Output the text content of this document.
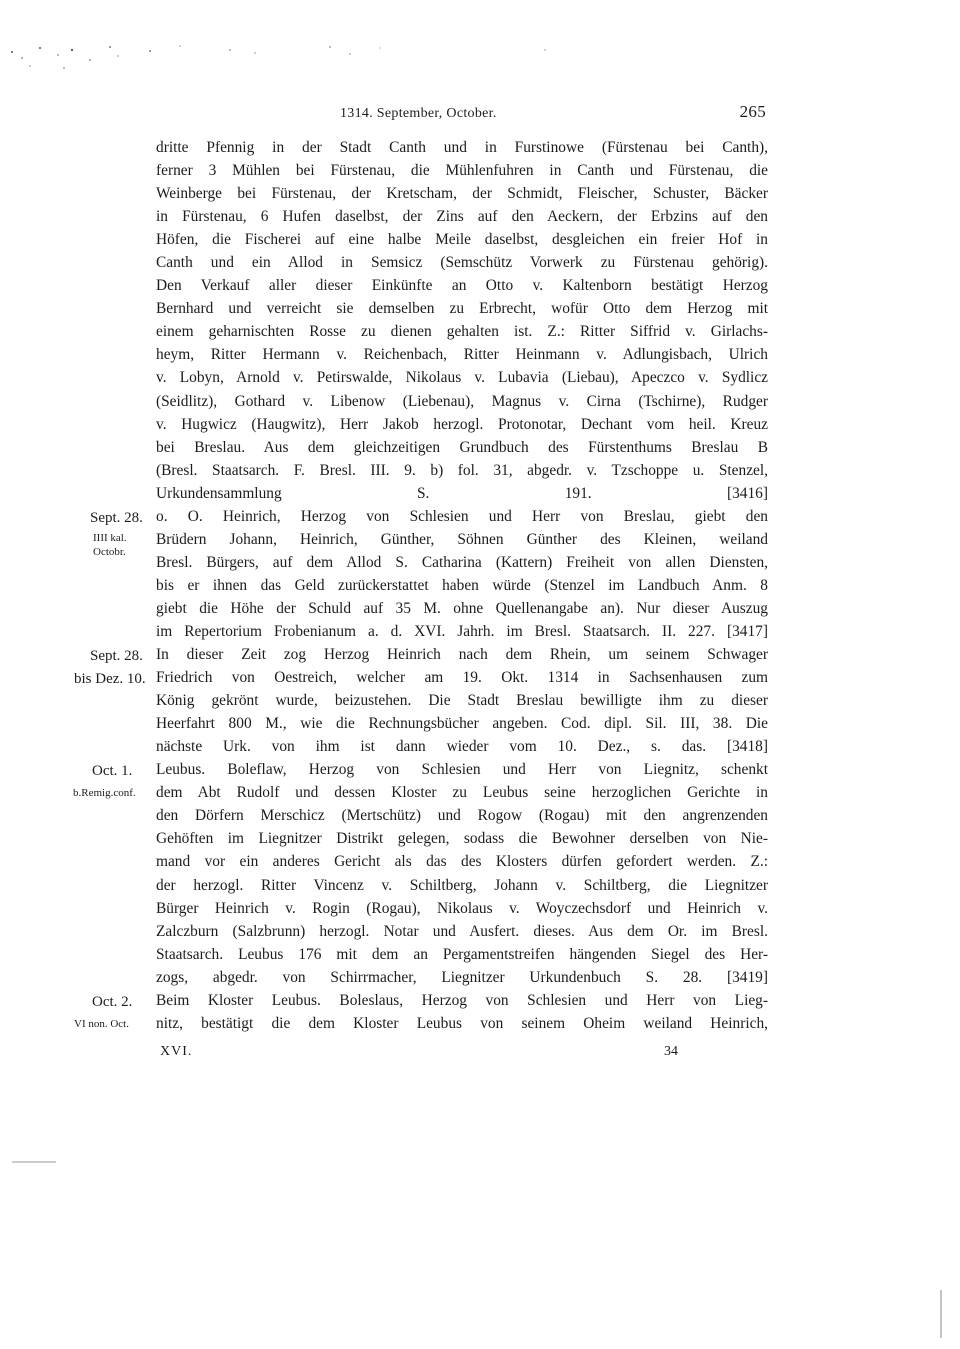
1314. September, October.	265
dritte Pfennig in der Stadt Canth und in Furstinowe (Fürstenau bei Canth),
ferner 3 Mühlen bei Fürstenau, die Mühlenfuhren in Canth und Fürstenau, die
Weinberge bei Fürstenau, der Kretscham, der Schmidt, Fleischer, Schuster, Bäcker
in Fürstenau, 6 Hufen daselbst, der Zins auf den Aeckern, der Erbzins auf den
Höfen, die Fischerei auf eine halbe Meile daselbst, desgleichen ein freier Hof in
Canth und ein Allod in Semsicz (Semschütz Vorwerk zu Fürstenau gehörig).
Den Verkauf aller dieser Einkünfte an Otto v. Kaltenborn bestätigt Herzog
Bernhard und verreicht sie demselben zu Erbrecht, wofür Otto dem Herzog mit
einem geharnischten Rosse zu dienen gehalten ist. Z.: Ritter Siffrid v. Girlachs-
heym, Ritter Hermann v. Reichenbach, Ritter Heinmann v. Adlungisbach, Ulrich
v. Lobyn, Arnold v. Petirswalde, Nikolaus v. Lubavia (Liebau), Apeczco v. Sydlicz
(Seidlitz), Gothard v. Libenow (Liebenau), Magnus v. Cirna (Tschirne), Rudger
v. Hugwicz (Haugwitz), Herr Jakob herzogl. Protonotar, Dechant vom heil. Kreuz
bei Breslau. Aus dem gleichzeitigen Grundbuch des Fürstenthums Breslau B
(Bresl. Staatsarch. F. Bresl. III. 9. b) fol. 31, abgedr. v. Tzschoppe u. Stenzel,
Urkundensammlung S. 191.	[3416]
o. O. Heinrich, Herzog von Schlesien und Herr von Breslau, giebt den
Brüdern Johann, Heinrich, Günther, Söhnen Günther des Kleinen, weiland
Bresl. Bürgers, auf dem Allod S. Catharina (Kattern) Freiheit von allen Diensten,
bis er ihnen das Geld zurückerstattet haben würde (Stenzel im Landbuch Anm. 8
giebt die Höhe der Schuld auf 35 M. ohne Quellenangabe an). Nur dieser Auszug
im Repertorium Frobenianum a. d. XVI. Jahrh. im Bresl. Staatsarch. II. 227. [3417]
In dieser Zeit zog Herzog Heinrich nach dem Rhein, um seinem Schwager
Friedrich von Oestreich, welcher am 19. Okt. 1314 in Sachsenhausen zum
König gekrönt wurde, beizustehen. Die Stadt Breslau bewilligte ihm zu dieser
Heerfahrt 800 M., wie die Rechnungsbücher angeben. Cod. dipl. Sil. III, 38. Die
nächste Urk. von ihm ist dann wieder vom 10. Dez., s. das. [3418]
Leubus. Boleflaw, Herzog von Schlesien und Herr von Liegnitz, schenkt
dem Abt Rudolf und dessen Kloster zu Leubus seine herzoglichen Gerichte in
den Dörfern Merschicz (Mertschütz) und Rogow (Rogau) mit den angrenzenden
Gehöften im Liegnitzer Distrikt gelegen, sodass die Bewohner derselben von Nie-
mand vor ein anderes Gericht als das des Klosters dürfen gefordert werden. Z.:
der herzogl. Ritter Vincenz v. Schiltberg, Johann v. Schiltberg, die Liegnitzer
Bürger Heinrich v. Rogin (Rogau), Nikolaus v. Woyczechsdorf und Heinrich v.
Zalczburn (Salzbrunn) herzogl. Notar und Ausfert. dieses. Aus dem Or. im Bresl.
Staatsarch. Leubus 176 mit dem an Pergamentstreifen hängenden Siegel des Her-
zogs, abgedr. von Schirrmacher, Liegnitzer Urkundenbuch S. 28. [3419]
Beim Kloster Leubus. Boleslaus, Herzog von Schlesien und Herr von Lieg-
nitz, bestätigt die dem Kloster Leubus von seinem Oheim weiland Heinrich,
Sept. 28.
IIII kal.
Octobr.
Sept. 28.
bis Dez. 10.
Oct. 1.
b.Remig.conf.
Oct. 2.
VI non. Oct.
XVI.	34
